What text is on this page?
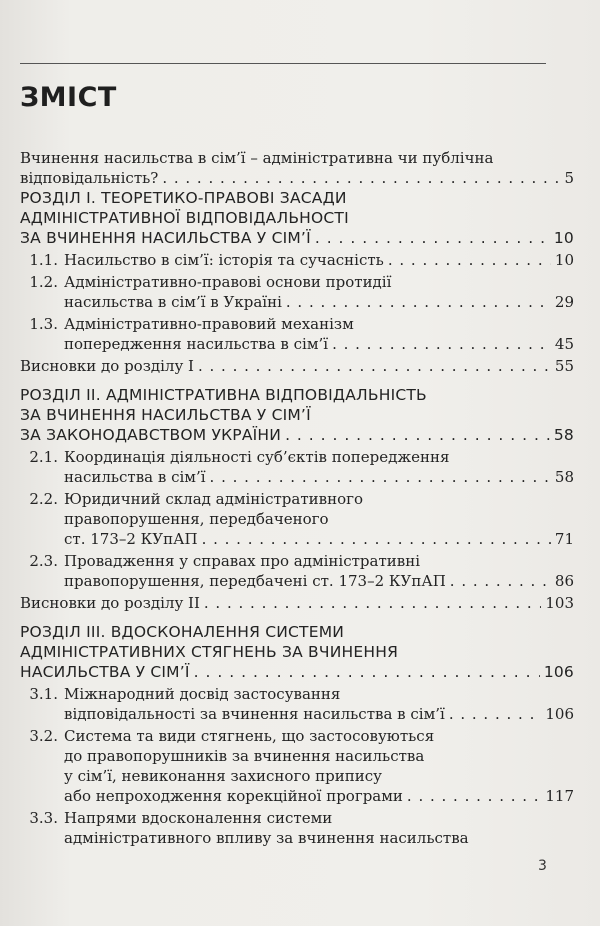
ЗМІСТ
Вчинення насильства в сім’ї – адміністративна чи публічна
відповідальність? . . .	5
РОЗДІЛ І. ТЕОРЕТИКО-ПРАВОВІ ЗАСАДИ
АДМІНІСТРАТИВНОЇ ВІДПОВІДАЛЬНОСТІ
ЗА ВЧИНЕННЯ НАСИЛЬСТВА У СІМ’Ї . . .	10
1.1. Насильство в сім’ї: історія та сучасність . . .	10
1.2. Адміністративно-правові основи протидії
насильства в сім’ї в Україні . . .	29
1.3. Адміністративно-правовий механізм
попередження насильства в сім’ї . . .	45
Висновки до розділу І . . .	55
РОЗДІЛ ІІ. АДМІНІСТРАТИВНА ВІДПОВІДАЛЬНІСТЬ
ЗА ВЧИНЕННЯ НАСИЛЬСТВА У СІМ’Ї
ЗА ЗАКОНОДАВСТВОМ УКРАЇНИ . . .	58
2.1. Координація діяльності суб’єктів попередження
насильства в сім’ї . . .	58
2.2. Юридичний склад адміністративного
правопорушення, передбаченого
ст. 173–2 КУпАП . . .	71
2.3. Провадження у справах про адміністративні
правопорушення, передбачені ст. 173–2 КУпАП . . .	86
Висновки до розділу ІІ . . .	103
РОЗДІЛ ІІІ. ВДОСКОНАЛЕННЯ СИСТЕМИ
АДМІНІСТРАТИВНИХ СТЯГНЕНЬ ЗА ВЧИНЕННЯ
НАСИЛЬСТВА У СІМ’Ї . . .	106
3.1. Міжнародний досвід застосування
відповідальності за вчинення насильства в сім’ї . . .	106
3.2. Система та види стягнень, що застосовуються
до правопорушників за вчинення насильства
у сім’ї, невиконання захисного припису
або непроходження корекційної програми . . .	117
3.3. Напрями вдосконалення системи
адміністративного впливу за вчинення насильства
3
